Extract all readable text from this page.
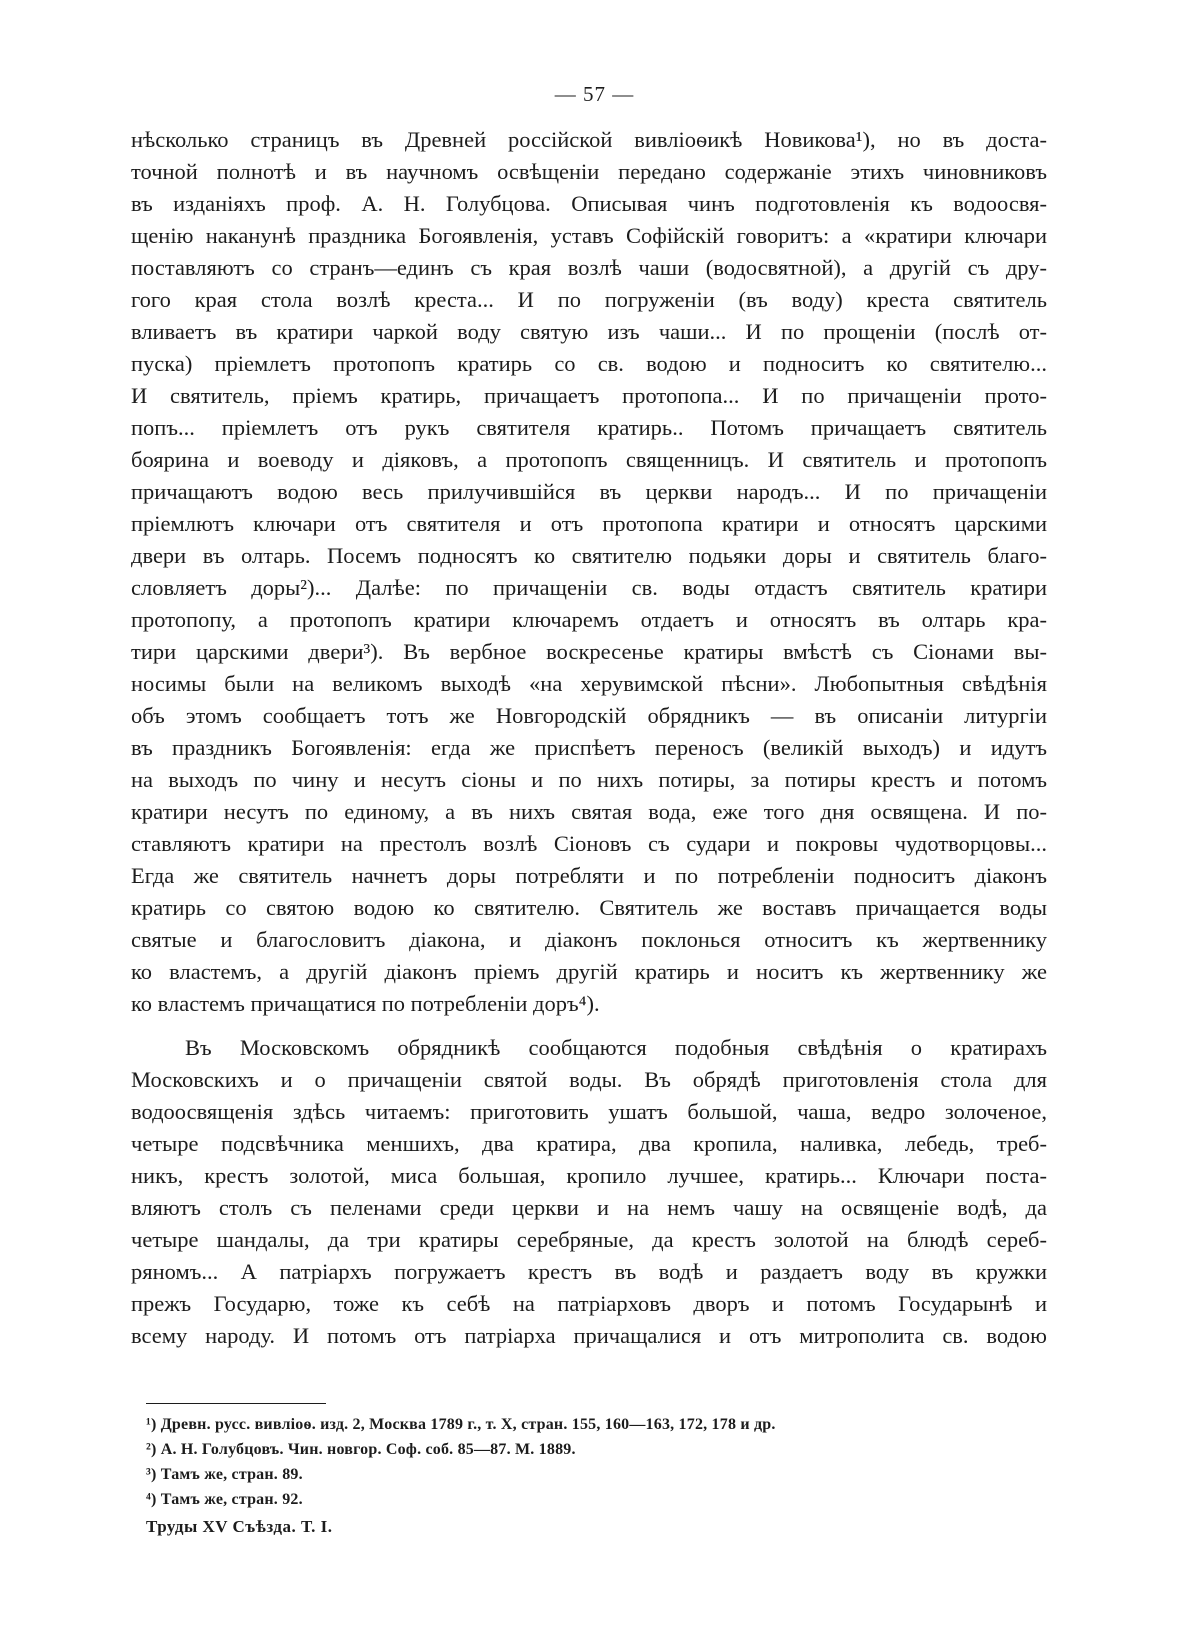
— 57 —
нѣсколько страницъ въ Древней россійской вивліоѳикѣ Новикова¹), но въ доста-
точной полнотѣ и въ научномъ освѣщеніи передано содержаніе этихъ чиновниковъ
въ изданіяхъ проф. А. Н. Голубцова. Описывая чинъ подготовленія къ водоосвя-
щенію наканунѣ праздника Богоявленія, уставъ Софійскій говоритъ: а «кратири ключари
поставляютъ со странъ—единъ съ края возлѣ чаши (водосвятной), а другій съ дру-
гого края стола возлѣ креста... И по погруженіи (въ воду) креста святитель
вливаетъ въ кратири чаркой воду святую изъ чаши... И по прощеніи (послѣ от-
пуска) пріемлетъ протопопъ кратирь со св. водою и подноситъ ко святителю...
И святитель, пріемъ кратирь, причащаетъ протопопа... И по причащеніи прото-
попъ... пріемлетъ отъ рукъ святителя кратирь.. Потомъ причащаетъ святитель
боярина и воеводу и діяковъ, а протопопъ священницъ. И святитель и протопопъ
причащаютъ водою весь прилучившійся въ церкви народъ... И по причащеніи
пріемлютъ ключари отъ святителя и отъ протопопа кратири и относятъ царскими
двери въ олтарь. Посемъ подносятъ ко святителю подьяки доры и святитель благо-
словляетъ доры²)... Далѣе: по причащеніи св. воды отдастъ святитель кратири
протопопу, а протопопъ кратири ключаремъ отдаетъ и относятъ въ олтарь кра-
тири царскими двери³). Въ вербное воскресенье кратиры вмѣстѣ съ Сіонами вы-
носимы были на великомъ выходѣ «на херувимской пѣсни». Любопытныя свѣдѣнія
объ этомъ сообщаетъ тотъ же Новгородскій обрядникъ — въ описаніи литургіи
въ праздникъ Богоявленія: егда же приспѣетъ переносъ (великій выходъ) и идутъ
на выходъ по чину и несутъ сіоны и по нихъ потиры, за потиры крестъ и потомъ
кратири несутъ по единому, а въ нихъ святая вода, еже того дня освящена. И по-
ставляютъ кратири на престолъ возлѣ Сіоновъ съ судари и покровы чудотворцовы...
Егда же святитель начнетъ доры потребляти и по потребленіи подноситъ діаконъ
кратирь со святою водою ко святителю. Святитель же воставъ причащается воды
святые и благословитъ діакона, и діаконъ поклонься относитъ къ жертвеннику
ко властемъ, а другій діаконъ пріемъ другій кратирь и носитъ къ жертвеннику же
ко властемъ причащатися по потребленіи доръ⁴).
Въ Московскомъ обрядникѣ сообщаются подобныя свѣдѣнія о кратирахъ
Московскихъ и о причащеніи святой воды. Въ обрядѣ приготовленія стола для
водоосвященія здѣсь читаемъ: приготовить ушатъ большой, чаша, ведро золоченое,
четыре подсвѣчника меншихъ, два кратира, два кропила, наливка, лебедь, треб-
никъ, крестъ золотой, миса большая, кропило лучшее, кратирь... Ключари поста-
вляютъ столъ съ пеленами среди церкви и на немъ чашу на освященіе водѣ, да
четыре шандалы, да три кратиры серебряные, да крестъ золотой на блюдѣ сереб-
ряномъ... А патріархъ погружаетъ крестъ въ водѣ и раздаетъ воду въ кружки
прежъ Государю, тоже къ себѣ на патріарховъ дворъ и потомъ Государынѣ и
всему народу. И потомъ отъ патріарха причащалися и отъ митрополита св. водою
¹) Древн. русс. вивліоѳ. изд. 2, Москва 1789 г., т. X, стран. 155, 160—163, 172, 178 и др.
²) А. Н. Голубцовъ. Чин. новгор. Соф. соб. 85—87. М. 1889.
³) Тамъ же, стран. 89.
⁴) Тамъ же, стран. 92.
Труды XV Съѣзда. Т. I.
